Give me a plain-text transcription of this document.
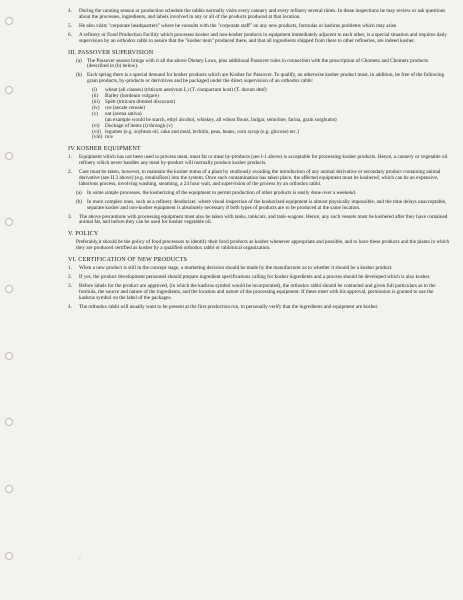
4.	During the canning season or production schedule the rabbis normally visits every cannery and every refinery several times. In these inspections he may review or ask questions about the processes, ingredients, and labels involved in any or all of the products produced at that location.
5.	He also visits "corporate headquarters" where he consults with the "corporate staff" on any new products, formulas or kashrus problems which may arise.
6.	A refinery or Food Production Facility which processes kosher and non-kosher products in equipment immediately adjacent to each other, is a special situation and requires daily supervision by an orthodox rabbi to assure that the "kosher item" produced there, and that all ingredients shipped from there to other refineries, are indeed kosher.
III. PASSOVER SUPERVISION
(a)	The Passover season brings with it all the above Dietary Laws, plus additional Passover rules in connection with the proscription of Chometz and Chometz products (described in (b) below).
(b) Each spring there is a special demand for kosher products which are Kosher for Passover. To qualify, an otherwise kosher product must, in addition, be free of the following grain products, by-products or derivitives and be packaged under the direct supervision of an orthodox rabbi:
(i)	wheat (all classes) (triticum aestivum L) (T. compactum host) (T. durum desf)
(ii)	Barley (hordeum vulgare)
(iii)	Spelt (triticum dimmel discocum)
(iv)	rye (secale cereale)
(v)	oat (avena sativa)
(an example would be starch, ethyl alcohol, whiskey, all wheat flours, bulgar, semoline, farina, grain sorghums)
(vi)	Dockage of items (i) through (v)
(vii) legumes (e.g. soybean oil, cake and meal, lechitin, peas, beans, corn syrup (e.g. glucose) etc.)
(viii) rice
IV KOSHER EQUIPMENT
1.	Equipment which has not been used to process meat, meat fat or meat by-products (see I-1 above) is acceptable for processing kosher products. Hence, a cannery or vegetable oil refinery which never handles any meat by-product will normally produce kosher products.
2.	Care must be taken, however, to maintain the kosher status of a plant by studiously avoiding the introduction of any animal derivative or secondary product containing animal derivative (see II 3 above) (e.g. emulsifiers) into the system. Once such contamination has taken place, the affected equipment must be koshered, which can be an expensive, laborious process, involving washing, steaming, a 24 hour wait, and supervision of the process by an orthodox rabbi.
(a)	In some simple processes, the kosherizing of the equipment to permit production of other products is easily done over a weekend.
(b) In more complex ones, such as a refinery deodorizer, where visual inspection of the koshorized equipment is almost physically impossible, and the time delays unacceptable, separate kosher and non-kosher equipment is absolutely necessary if both types of products are to be produced at the same location.
3.	The above precautions with processing equipment must also be taken with tanks, tankcars, and tank-wagons. Hence, any such vessels must be koshered after they have contained animal fat, and before they can be used for kosher vegetable oil.
V. POLICY
Preferably,it should be the policy of food processors to identify their food products as kosher whenever appropriate and possible, and to have these products and the plants in which they are produced certified as kosher by a qualified orthodox rabbi or rabbinical organization.
VI. CERTIFICATION OF NEW PRODUCTS
1.	When a new product is still in the concept stage, a marketing decision should be made by the manufacturer as to whether it should be a kosher product.
2.	If yes, the product development personnel should prepare ingredient specifications calling for kosher ingredients and a process should be developed which is also kosher.
3.	Before labels for the product are approved, (in which the kashrus symbol would be incorporated), the orthodox rabbi should be contacted and given full particulars as to the formula, the source and nature of the ingredients, and the location and nature of the processing equipment. If these meet with his approval, permission is granted to use the kashrus symbol on the label of the packages.
4.	The orthodox rabbi will usually want to be present at the first production run, to personally verify that the ingredients and equipment are kosher.
.:
